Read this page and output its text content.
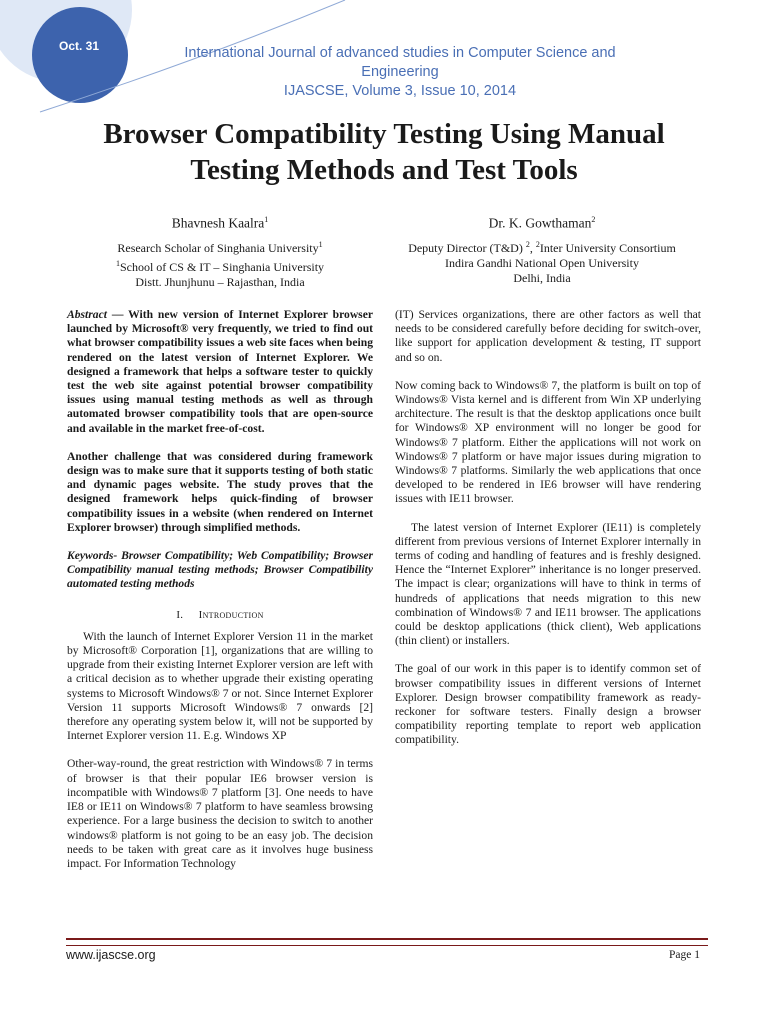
Oct. 31	International Journal of advanced studies in Computer Science and Engineering
IJASCSE, Volume 3, Issue 10, 2014
Browser Compatibility Testing Using Manual
Testing Methods and Test Tools
Bhavnesh Kaalra$^1$
Research Scholar of Singhania University$^1$
$^1$School of CS & IT – Singhania University
Distt. Jhunjhunu – Rajasthan, India
Dr. K. Gowthaman$^2$
Deputy Director (T&D) $^2$, $^2$Inter University Consortium
Indira Gandhi National Open University
Delhi, India

Abstract — With new version of Internet Explorer browser launched by Microsoft® very frequently, we tried to find out what browser compatibility issues a web site faces when being rendered on the latest version of Internet Explorer. We designed a framework that helps a software tester to quickly test the web site against potential browser compatibility issues using manual testing methods as well as through automated browser compatibility tools that are open-source and available in the market free-of-cost.

Another challenge that was considered during framework design was to make sure that it supports testing of both static and dynamic pages website. The study proves that the designed framework helps quick-finding of browser compatibility issues in a website (when rendered on Internet Explorer browser) through simplified methods.

Keywords- Browser Compatibility; Web Compatibility; Browser Compatibility manual testing methods; Browser Compatibility automated testing methods

I. Introduction

With the launch of Internet Explorer Version 11 in the market by Microsoft® Corporation [1], organizations that are willing to upgrade from their existing Internet Explorer version are left with a critical decision as to whether upgrade their existing operating systems to Microsoft Windows® 7 or not. Since Internet Explorer Version 11 supports Microsoft Windows® 7 onwards [2] therefore any operating system below it, will not be supported by Internet Explorer version 11. E.g. Windows XP

Other-way-round, the great restriction with Windows® 7 in terms of browser is that their popular IE6 browser version is incompatible with Windows® 7 platform [3]. One needs to have IE8 or IE11 on Windows® 7 platform to have seamless browsing experience. For a large business the decision to switch to another windows® platform is not going to be an easy job. The decision needs to be taken with great care as it involves huge business impact. For Information Technology

(IT) Services organizations, there are other factors as well that needs to be considered carefully before deciding for switch-over, like support for application development & testing, IT support and so on.

Now coming back to Windows® 7, the platform is built on top of Windows® Vista kernel and is different from Win XP underlying architecture. The result is that the desktop applications once built for Windows® XP environment will no longer be good for Windows® 7 platform. Either the applications will not work on Windows® 7 platform or have major issues during migration to Windows® 7 platforms. Similarly the web applications that once developed to be rendered in IE6 browser will have rendering issues with IE11 browser.

The latest version of Internet Explorer (IE11) is completely different from previous versions of Internet Explorer internally in terms of coding and handling of features and is freshly designed. Hence the “Internet Explorer” inheritance is no longer preserved. The impact is clear; organizations will have to think in terms of hundreds of applications that needs migration to this new combination of Windows® 7 and IE11 browser. The applications could be desktop applications (thick client), Web applications (thin client) or installers.

The goal of our work in this paper is to identify common set of browser compatibility issues in different versions of Internet Explorer. Design browser compatibility framework as ready-reckoner for software testers. Finally design a browser compatibility reporting template to report web application compatibility.

www.ijascse.org	Page 1
